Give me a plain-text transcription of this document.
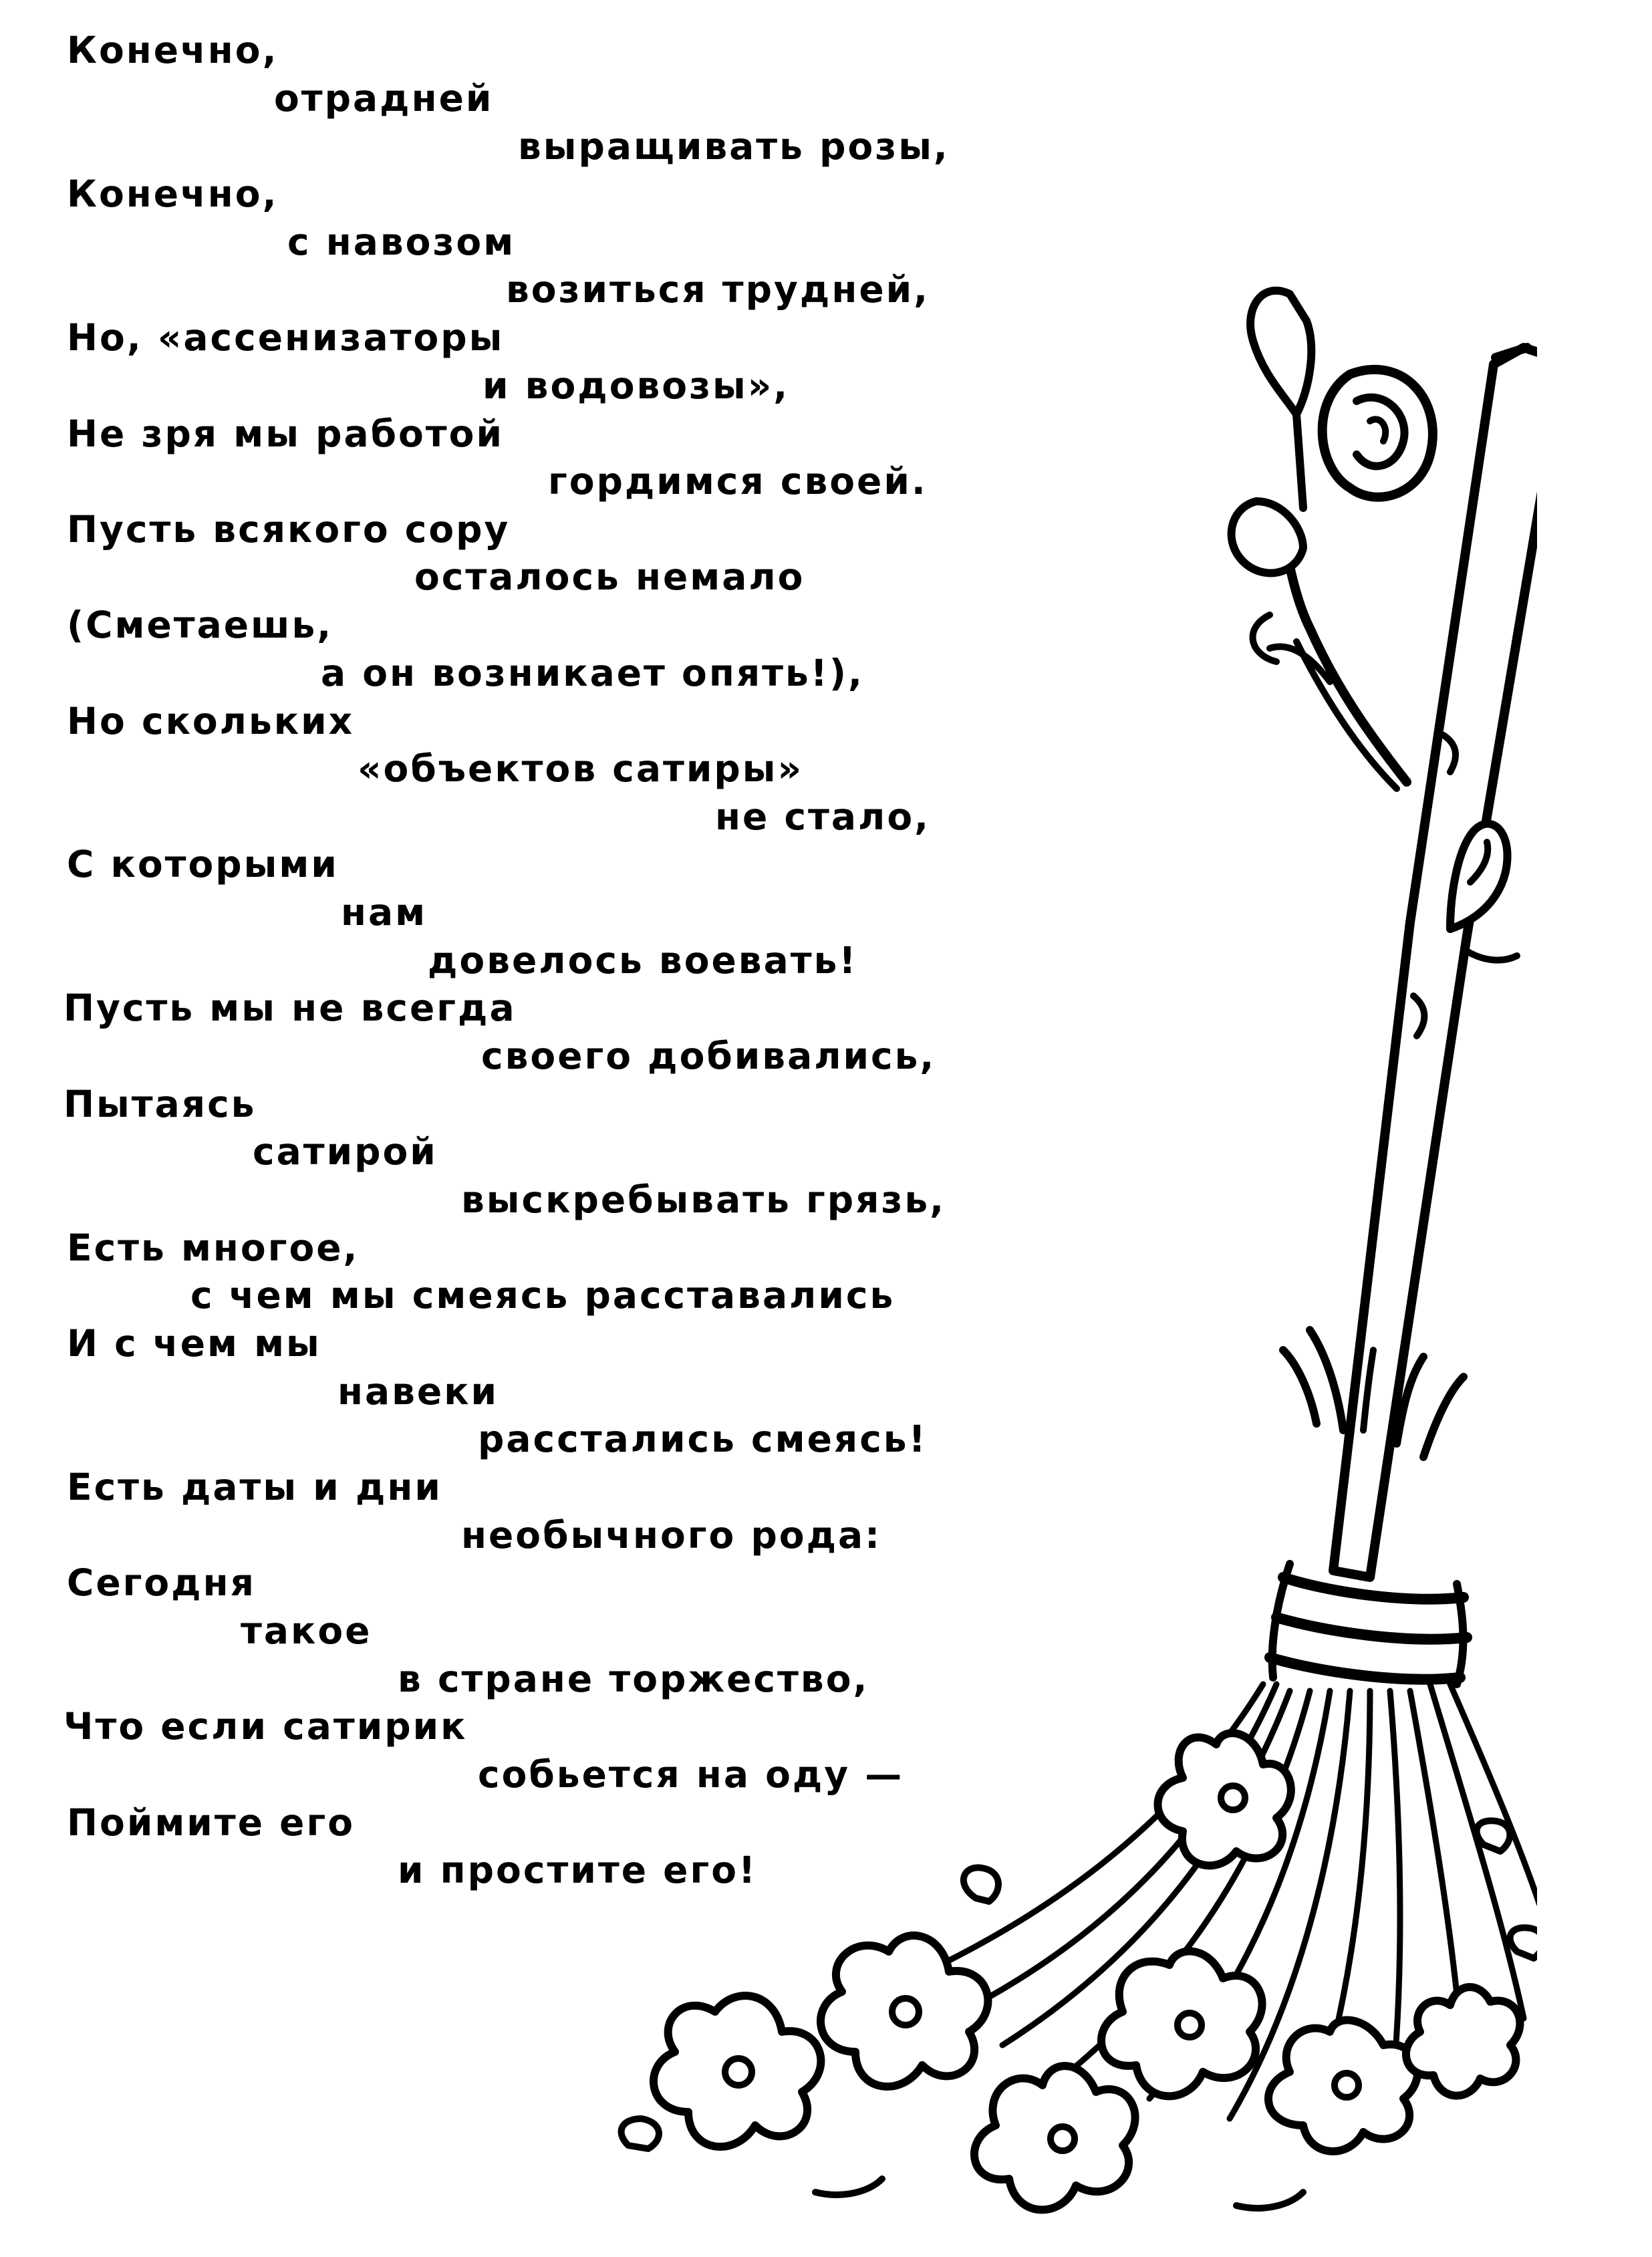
Конечно,
отрадней
выращивать розы,
Конечно,
с навозом
возиться трудней,
Но, «ассенизаторы
и водовозы»,
Не зря мы работой
гордимся своей.
Пусть всякого сору
осталось немало
(Сметаешь,
а он возникает опять!),
Но скольких
«объектов сатиры»
не стало,
С которыми
нам
довелось воевать!
Пусть мы не всегда
своего добивались,
Пытаясь
сатирой
выскребывать грязь,
Есть многое,
с чем мы смеясь расставались
И с чем мы
навеки
расстались смеясь!
Есть даты и дни
необычного рода:
Сегодня
такое
в стране торжество,
Что если сатирик
собьется на оду —
Поймите его
и простите его!
